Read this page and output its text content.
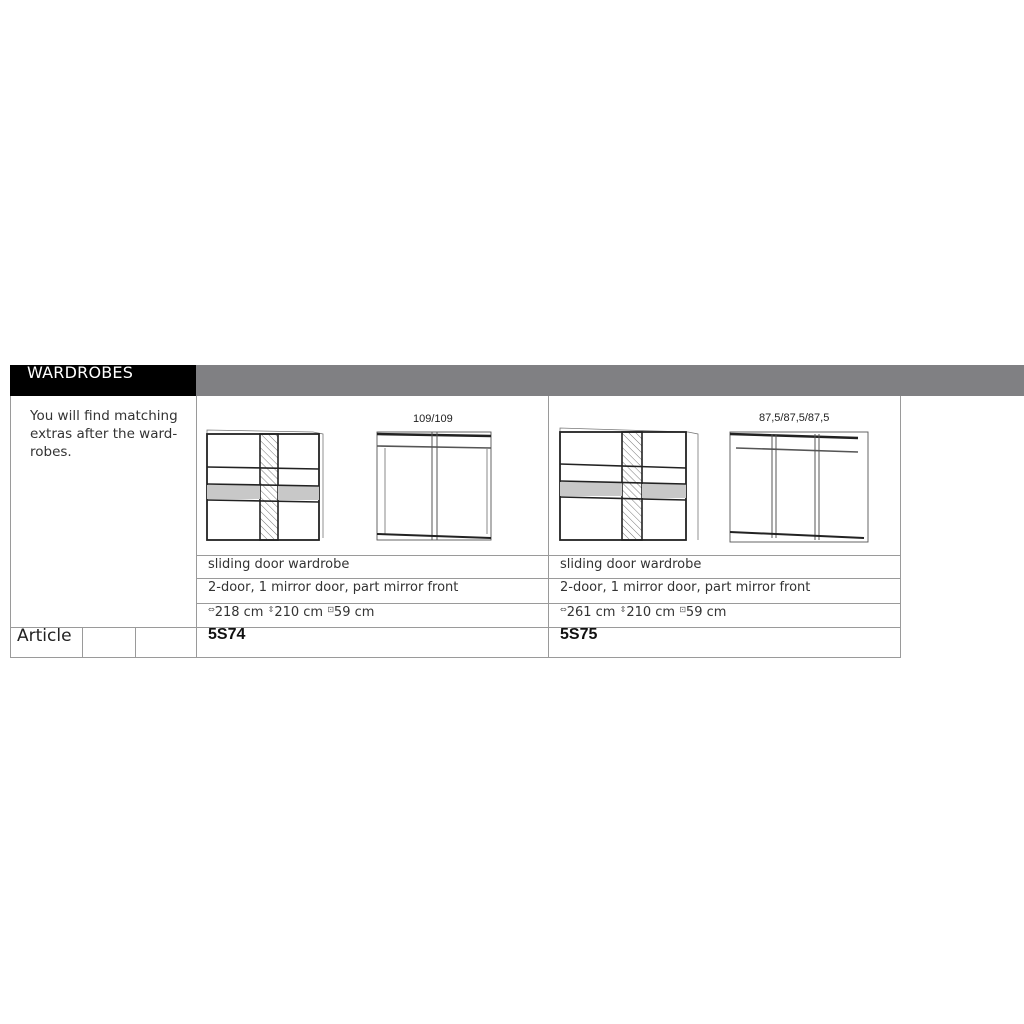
WARDROBES
You will find matching
extras after the ward-
robes.
Article
109/109
sliding door wardrobe
2-door, 1 mirror door, part mirror front
⇔218 cm ⇕210 cm ⊡59 cm
5S74
87,5/87,5/87,5
sliding door wardrobe
2-door, 1 mirror door, part mirror front
⇔261 cm ⇕210 cm ⊡59 cm
5S75
